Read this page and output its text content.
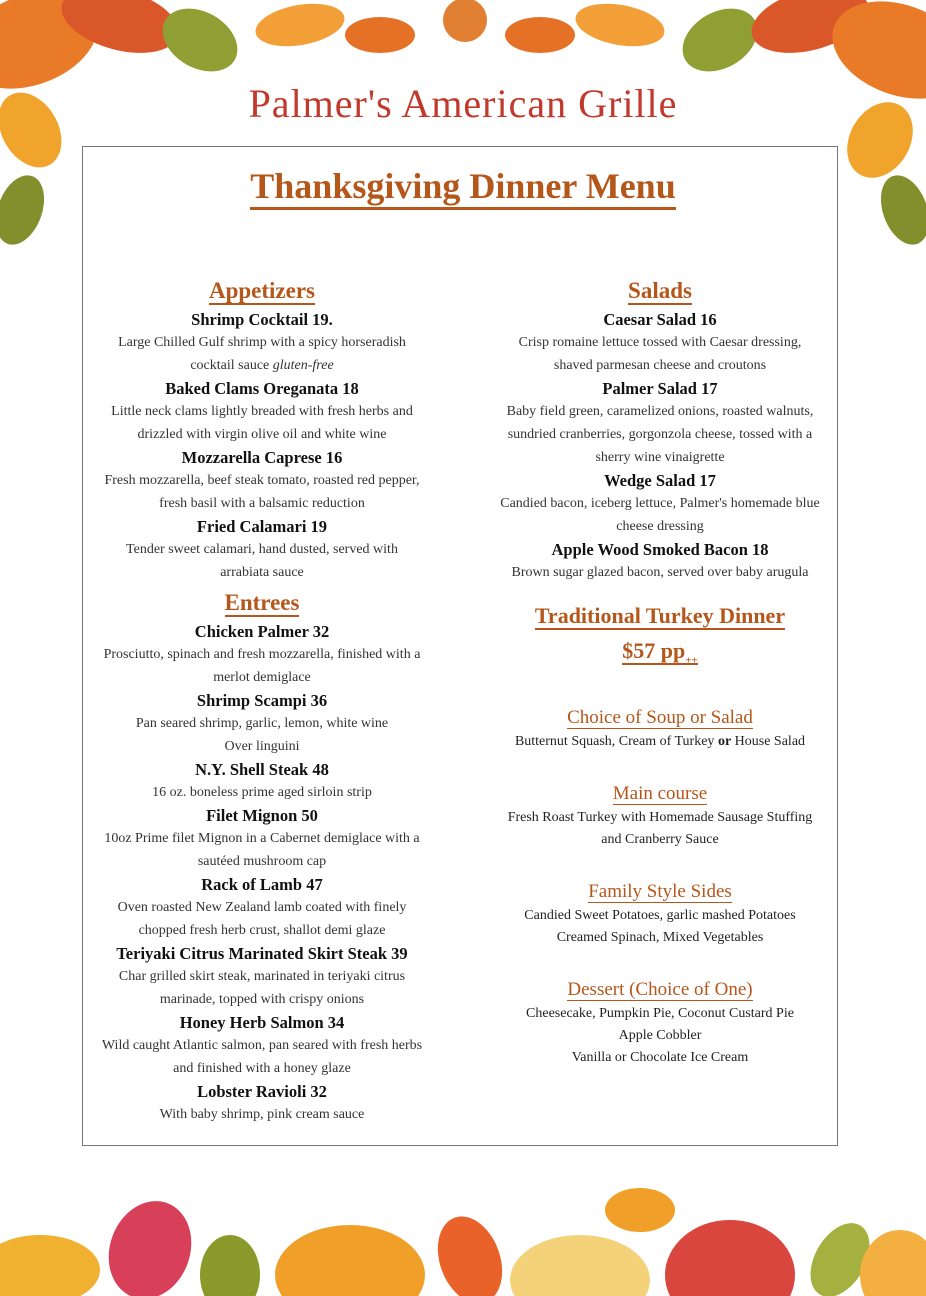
Palmer's American Grille
Thanksgiving Dinner Menu
Appetizers
Shrimp Cocktail 19.
Large Chilled Gulf shrimp with a spicy horseradish
cocktail sauce gluten-free
Baked Clams Oreganata 18
Little neck clams lightly breaded with fresh herbs and
drizzled with virgin olive oil and white wine
Mozzarella Caprese 16
Fresh mozzarella, beef steak tomato, roasted red pepper,
fresh basil with a balsamic reduction
Fried Calamari 19
Tender sweet calamari, hand dusted, served with
arrabiata sauce
Entrees
Chicken Palmer 32
Prosciutto, spinach and fresh mozzarella, finished with a
merlot demiglace
Shrimp Scampi 36
Pan seared shrimp, garlic, lemon, white wine
Over linguini
N.Y. Shell Steak 48
16 oz. boneless prime aged sirloin strip
Filet Mignon 50
10oz Prime filet Mignon in a Cabernet demiglace with a
sautéed mushroom cap
Rack of Lamb 47
Oven roasted New Zealand lamb coated with finely
chopped fresh herb crust, shallot demi glaze
Teriyaki Citrus Marinated Skirt Steak 39
Char grilled skirt steak, marinated in teriyaki citrus
marinade, topped with crispy onions
Honey Herb Salmon 34
Wild caught Atlantic salmon, pan seared with fresh herbs
and finished with a honey glaze
Lobster Ravioli 32
With baby shrimp, pink cream sauce
Salads
Caesar Salad 16
Crisp romaine lettuce tossed with Caesar dressing,
shaved parmesan cheese and croutons
Palmer Salad 17
Baby field green, caramelized onions, roasted walnuts,
sundried cranberries, gorgonzola cheese, tossed with a
sherry wine vinaigrette
Wedge Salad 17
Candied bacon, iceberg lettuce, Palmer's homemade blue
cheese dressing
Apple Wood Smoked Bacon 18
Brown sugar glazed bacon, served over baby arugula
Traditional Turkey Dinner
$57 $pp_{++}$
Choice of Soup or Salad
Butternut Squash, Cream of Turkey or House Salad
Main course
Fresh Roast Turkey with Homemade Sausage Stuffing
and Cranberry Sauce
Family Style Sides
Candied Sweet Potatoes, garlic mashed Potatoes
Creamed Spinach, Mixed Vegetables
Dessert (Choice of One)
Cheesecake, Pumpkin Pie, Coconut Custard Pie
Apple Cobbler
Vanilla or Chocolate Ice Cream
